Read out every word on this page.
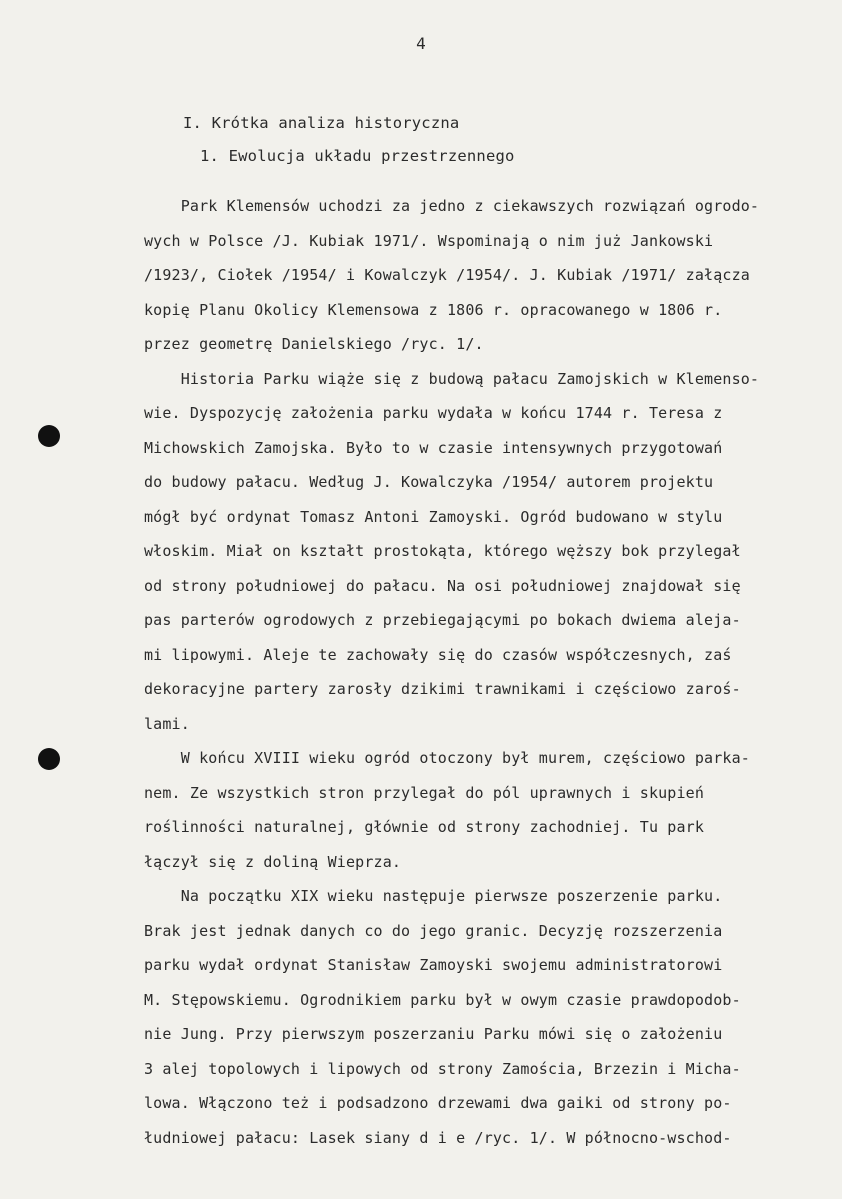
4
I. Krótka analiza historyczna
1. Ewolucja układu przestrzennego
Park Klemensów uchodzi za jedno z ciekawszych rozwiązań ogrodo-
wych w Polsce /J. Kubiak 1971/. Wspominają o nim już Jankowski
/1923/, Ciołek /1954/ i Kowalczyk /1954/. J. Kubiak /1971/ załącza
kopię Planu Okolicy Klemensowa z 1806 r. opracowanego w 1806 r.
przez geometrę Danielskiego /ryc. 1/.
Historia Parku wiąże się z budową pałacu Zamojskich w Klemenso-
wie. Dyspozycję założenia parku wydała w końcu 1744 r. Teresa z
Michowskich Zamojska. Było to w czasie intensywnych przygotowań
do budowy pałacu. Według J. Kowalczyka /1954/ autorem projektu
mógł być ordynat Tomasz Antoni Zamoyski. Ogród budowano w stylu
włoskim. Miał on kształt prostokąta, którego węższy bok przylegał
od strony południowej do pałacu. Na osi południowej znajdował się
pas parterów ogrodowych z przebiegającymi po bokach dwiema aleja-
mi lipowymi. Aleje te zachowały się do czasów współczesnych, zaś
dekoracyjne partery zarosły dzikimi trawnikami i częściowo zaroś-
lami.
W końcu XVIII wieku ogród otoczony był murem, częściowo parka-
nem. Ze wszystkich stron przylegał do pól uprawnych i skupień
roślinności naturalnej, głównie od strony zachodniej. Tu park
łączył się z doliną Wieprza.
Na początku XIX wieku następuje pierwsze poszerzenie parku.
Brak jest jednak danych co do jego granic. Decyzję rozszerzenia
parku wydał ordynat Stanisław Zamoyski swojemu administratorowi
M. Stępowskiemu. Ogrodnikiem parku był w owym czasie prawdopodob-
nie Jung. Przy pierwszym poszerzaniu Parku mówi się o założeniu
3 alej topolowych i lipowych od strony Zamościa, Brzezin i Micha-
lowa. Włączono też i podsadzono drzewami dwa gaiki od strony po-
łudniowej pałacu: Lasek siany d i e /ryc. 1/. W północno-wschod-
